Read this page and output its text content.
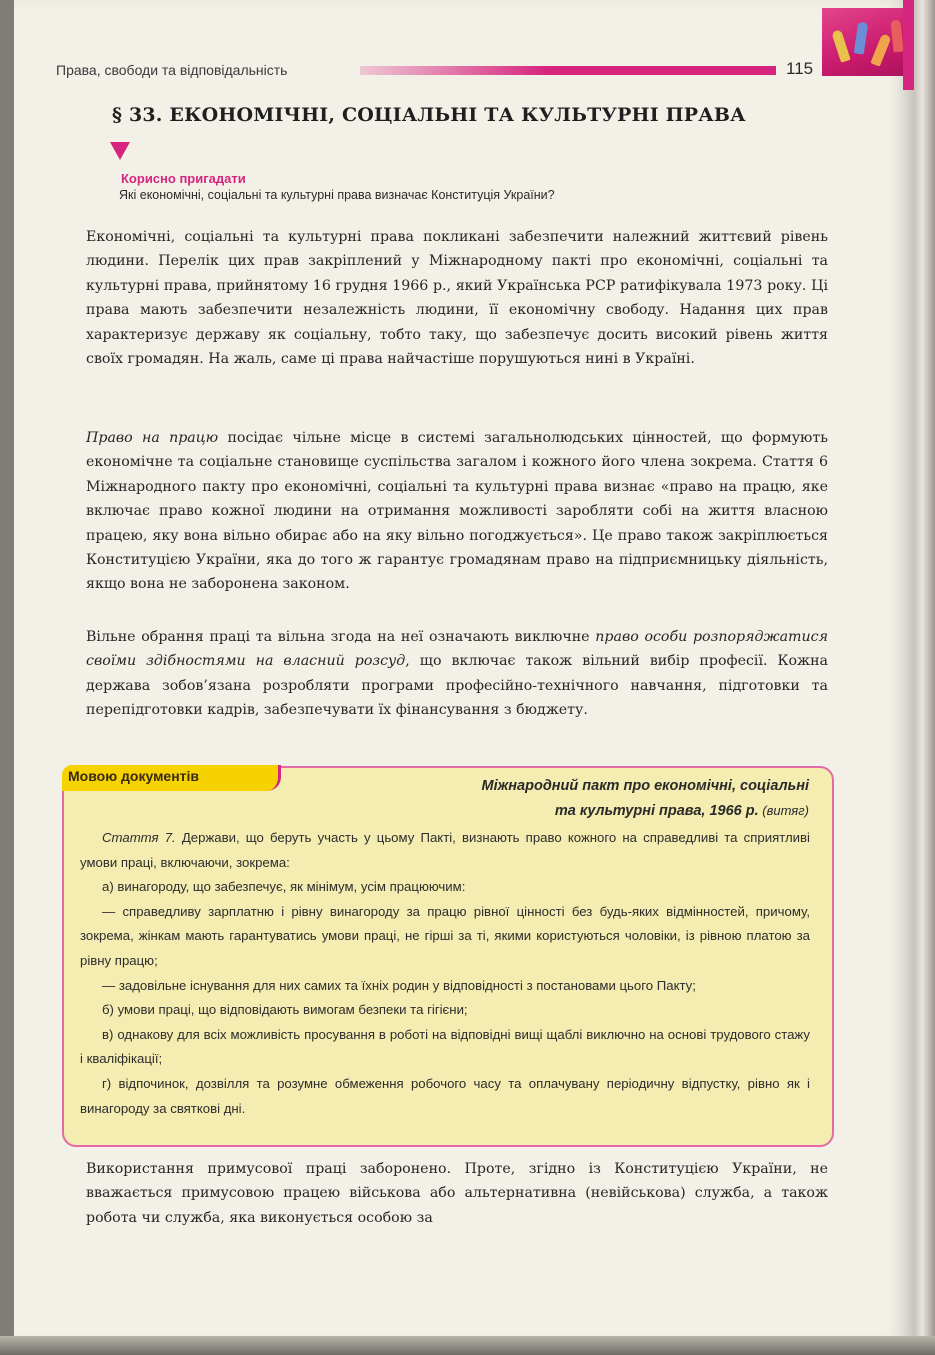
Права, свободи та відповідальність	115
§ 33. ЕКОНОМІЧНІ, СОЦІАЛЬНІ ТА КУЛЬТУРНІ ПРАВА
Корисно пригадати
Які економічні, соціальні та культурні права визначає Конституція України?

Економічні, соціальні та культурні права покликані забезпечити належний життєвий рівень людини. Перелік цих прав закріплений у Міжнародному пакті про економічні, соціальні та культурні права, прийнятому 16 грудня 1966 р., який Українська РСР ратифікувала 1973 року. Ці права мають забезпечити незалежність людини, її економічну свободу. Надання цих прав характеризує державу як соціальну, тобто таку, що забезпечує досить високий рівень життя своїх громадян. На жаль, саме ці права найчастіше порушуються нині в Україні.

Право на працю посідає чільне місце в системі загальнолюдських цінностей, що формують економічне та соціальне становище суспільства загалом і кожного його члена зокрема. Стаття 6 Міжнародного пакту про економічні, соціальні та культурні права визнає «право на працю, яке включає право кожної людини на отримання можливості заробляти собі на життя власною працею, яку вона вільно обирає або на яку вільно погоджується». Це право також закріплюється Конституцією України, яка до того ж гарантує громадянам право на підприємницьку діяльність, якщо вона не заборонена законом.

Вільне обрання праці та вільна згода на неї означають виключне право особи розпоряджатися своїми здібностями на власний розсуд, що включає також вільний вибір професії. Кожна держава зобов’язана розробляти програми професійно-технічного навчання, підготовки та перепідготовки кадрів, забезпечувати їх фінансування з бюджету.

Мовою документів
Міжнародний пакт про економічні, соціальні
та культурні права, 1966 р. (витяг)
Стаття 7. Держави, що беруть участь у цьому Пакті, визнають право кожного на справедливі та сприятливі умови праці, включаючи, зокрема:
а) винагороду, що забезпечує, як мінімум, усім працюючим:
— справедливу зарплатню і рівну винагороду за працю рівної цінності без будь-яких відмінностей, причому, зокрема, жінкам мають гарантуватись умови праці, не гірші за ті, якими користуються чоловіки, із рівною платою за рівну працю;
— задовільне існування для них самих та їхніх родин у відповідності з постановами цього Пакту;
б) умови праці, що відповідають вимогам безпеки та гігієни;
в) однакову для всіх можливість просування в роботі на відповідні вищі щаблі виключно на основі трудового стажу і кваліфікації;
г) відпочинок, дозвілля та розумне обмеження робочого часу та оплачувану періодичну відпустку, рівно як і винагороду за святкові дні.

Використання примусової праці заборонено. Проте, згідно із Конституцією України, не вважається примусовою працею військова або альтернативна (невійськова) служба, а також робота чи служба, яка виконується особою за
